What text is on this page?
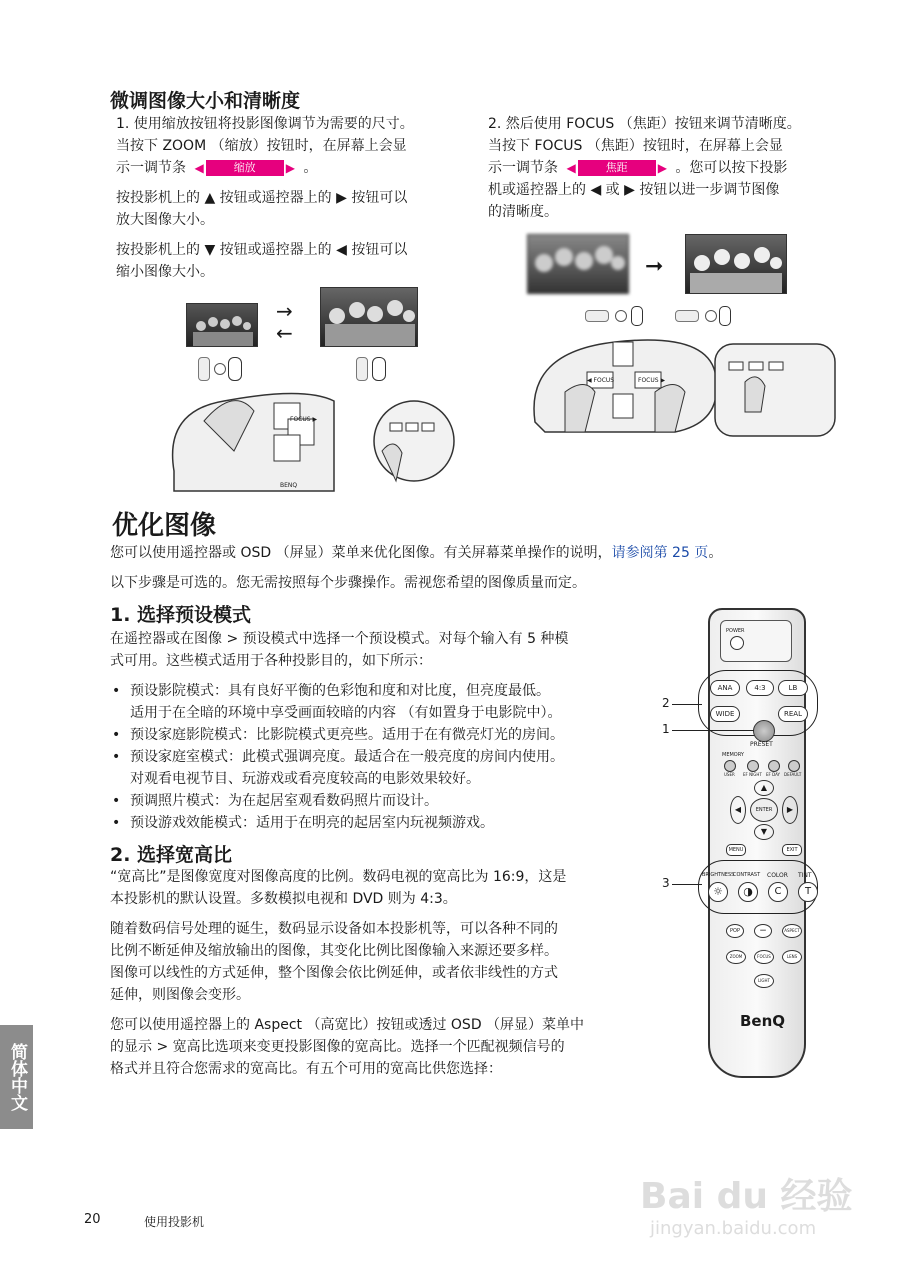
微调图像大小和清晰度
1. 使用缩放按钮将投影图像调节为需要的尺寸。
当按下 ZOOM （缩放）按钮时，在屏幕上会显
示一调节条 ◀	缩放	▶ 。
按投影机上的 ▲ 按钮或遥控器上的 ▶ 按钮可以
放大图像大小。
按投影机上的 ▼ 按钮或遥控器上的 ◀ 按钮可以
缩小图像大小。
2. 然后使用 FOCUS （焦距）按钮来调节清晰度。
当按下 FOCUS （焦距）按钮时，在屏幕上会显
示一调节条 ◀	焦距	▶ 。您可以按下投影
机或遥控器上的 ◀ 或 ▶ 按钮以进一步调节图像
的清晰度。
→
←
FOCUS ▶
BENQ
➞
◀ FOCUS	FOCUS ▶
优化图像
您可以使用遥控器或 OSD （屏显）菜单来优化图像。有关屏幕菜单操作的说明，请参阅第 25 页。
以下步骤是可选的。您无需按照每个步骤操作。需视您希望的图像质量而定。
1. 选择预设模式
在遥控器或在图像 > 预设模式中选择一个预设模式。对每个输入有 5 种模
式可用。这些模式适用于各种投影目的，如下所示：
• 预设影院模式：具有良好平衡的色彩饱和度和对比度，但亮度最低。
适用于在全暗的环境中享受画面较暗的内容 （有如置身于电影院中）。
• 预设家庭影院模式：比影院模式更亮些。适用于在有微亮灯光的房间。
• 预设家庭室模式：此模式强调亮度。最适合在一般亮度的房间内使用。
对观看电视节目、玩游戏或看亮度较高的电影效果较好。
• 预调照片模式：为在起居室观看数码照片而设计。
• 预设游戏效能模式：适用于在明亮的起居室内玩视频游戏。
2. 选择宽高比
“宽高比”是图像宽度对图像高度的比例。数码电视的宽高比为 16:9，这是
本投影机的默认设置。多数模拟电视和 DVD 则为 4:3。
随着数码信号处理的诞生，数码显示设备如本投影机等，可以各种不同的
比例不断延伸及缩放输出的图像，其变化比例比图像输入来源还要多样。
图像可以线性的方式延伸，整个图像会依比例延伸，或者依非线性的方式
延伸，则图像会变形。
您可以使用遥控器上的 Aspect （高宽比）按钮或透过 OSD （屏显）菜单中
的显示 > 宽高比选项来变更投影图像的宽高比。选择一个匹配视频信号的
格式并且符合您需求的宽高比。有五个可用的宽高比供您选择：
POWER
ANA	4:3	LB
WIDE	REAL
PRESET
MEMORY
USER EF NIGHT EF DAY DEFAULT
▲
◀	▶
ENTER
▼
MENU	EXIT
BRIGHTNESS
CONTRAST COLOR TINT
☼	◑	C	T
POP	−	ASPECT
ZOOM	FOCUS	LENS
LIGHT
BenQ
2
1
3
简体中文
20	使用投影机
Bai du 经验
jingyan.baidu.com
